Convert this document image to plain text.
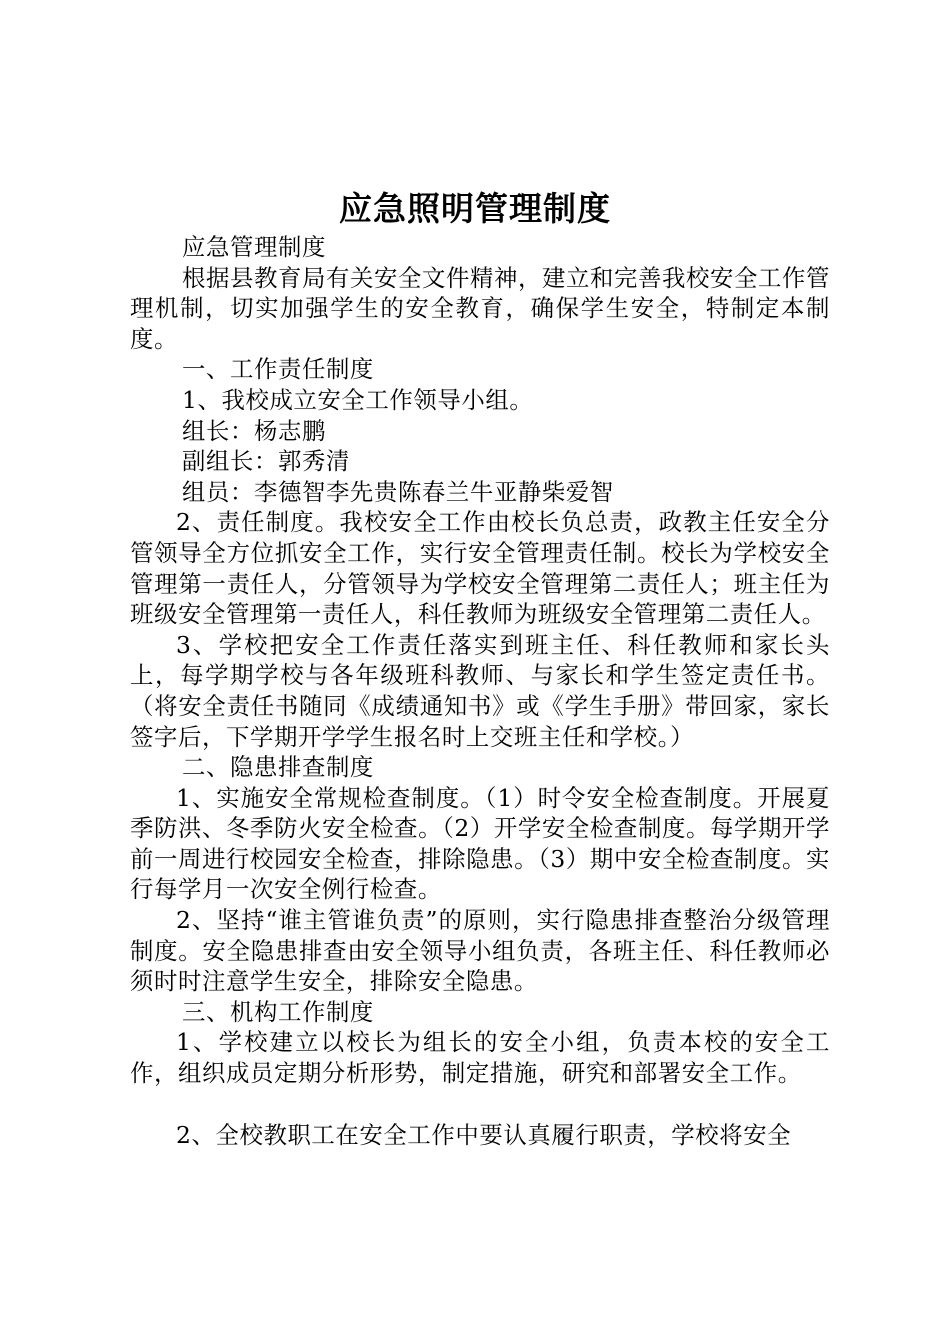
应急照明管理制度

应急管理制度

根据县教育局有关安全文件精神，建立和完善我校安全工作管理机制，切实加强学生的安全教育，确保学生安全，特制定本制度。

一、工作责任制度

1、我校成立安全工作领导小组。

组长：杨志鹏

副组长：郭秀清

组员：李德智李先贵陈春兰牛亚静柴爱智

2、责任制度。我校安全工作由校长负总责，政教主任安全分管领导全方位抓安全工作，实行安全管理责任制。校长为学校安全管理第一责任人，分管领导为学校安全管理第二责任人；班主任为班级安全管理第一责任人，科任教师为班级安全管理第二责任人。

3、学校把安全工作责任落实到班主任、科任教师和家长头上，每学期学校与各年级班科教师、与家长和学生签定责任书。（将安全责任书随同《成绩通知书》或《学生手册》带回家，家长签字后，下学期开学学生报名时上交班主任和学校。）

二、隐患排查制度

1、实施安全常规检查制度。（1）时令安全检查制度。开展夏季防洪、冬季防火安全检查。（2）开学安全检查制度。每学期开学前一周进行校园安全检查，排除隐患。（3）期中安全检查制度。实行每学月一次安全例行检查。

2、坚持“谁主管谁负责”的原则，实行隐患排查整治分级管理制度。安全隐患排查由安全领导小组负责，各班主任、科任教师必须时时注意学生安全，排除安全隐患。

三、机构工作制度

1、学校建立以校长为组长的安全小组，负责本校的安全工作，组织成员定期分析形势，制定措施，研究和部署安全工作。

2、全校教职工在安全工作中要认真履行职责，学校将安全
